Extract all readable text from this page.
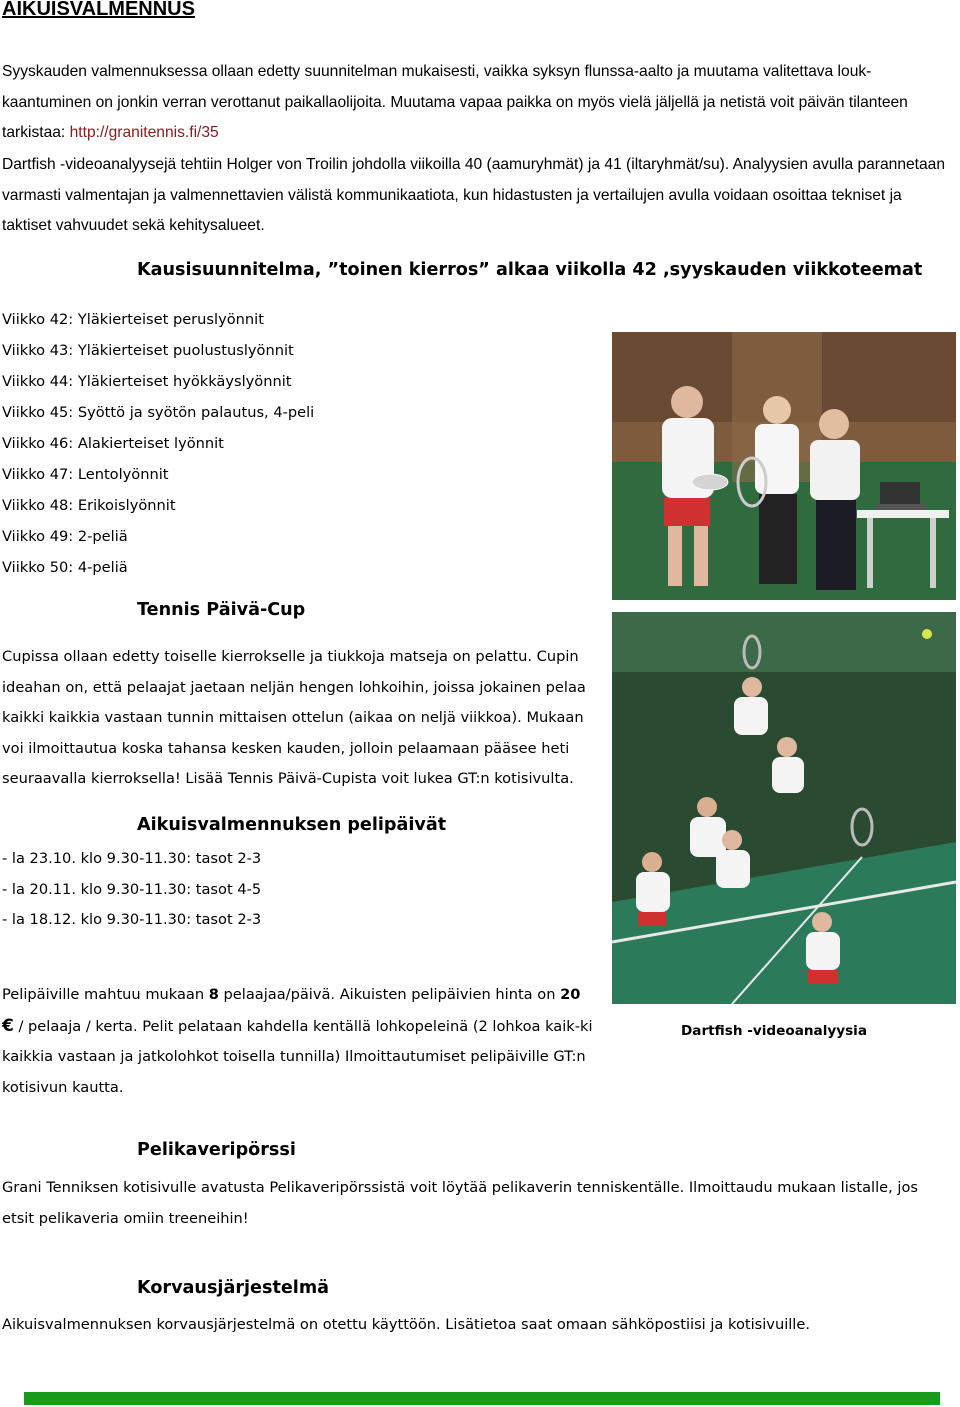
AIKUISVALMENNUS

Syyskauden valmennuksessa ollaan edetty suunnitelman mukaisesti, vaikka syksyn flunssa-aalto ja muutama valitettava louk-kaantuminen on jonkin verran verottanut paikallaolijoita. Muutama vapaa paikka on myös vielä jäljellä ja netistä voit päivän tilanteen tarkistaa: http://granitennis.fi/35

Dartfish -videoanalyysejä tehtiin Holger von Troilin johdolla viikoilla 40 (aamuryhmät) ja 41 (iltaryhmät/su). Analyysien avulla parannetaan varmasti valmentajan ja valmennettavien välistä kommunikaatiota, kun hidastusten ja vertailujen avulla voidaan osoittaa tekniset ja taktiset vahvuudet sekä kehitysalueet.

Kausisuunnitelma, ”toinen kierros” alkaa viikolla 42 ,syyskauden viikkoteemat
Viikko 42: Yläkierteiset peruslyönnit
Viikko 43: Yläkierteiset puolustuslyönnit
Viikko 44: Yläkierteiset hyökkäyslyönnit
Viikko 45: Syöttö ja syötön palautus, 4-peli
Viikko 46: Alakierteiset lyönnit
Viikko 47: Lentolyönnit
Viikko 48: Erikoislyönnit
Viikko 49: 2-peliä
Viikko 50: 4-peliä
Tennis Päivä-Cup

Cupissa ollaan edetty toiselle kierrokselle ja tiukkoja matseja on pelattu. Cupin ideahan on, että pelaajat jaetaan neljän hengen lohkoihin, joissa jokainen pelaa kaikki kaikkia vastaan tunnin mittaisen ottelun (aikaa on neljä viikkoa). Mukaan voi ilmoittautua koska tahansa kesken kauden, jolloin pelaamaan pääsee heti seuraavalla kierroksella! Lisää Tennis Päivä-Cupista voit lukea GT:n kotisivulta.

Dartfish -videoanalyysia
Aikuisvalmennuksen pelipäivät
- la 23.10. klo 9.30-11.30: tasot 2-3
- la 20.11. klo 9.30-11.30: tasot 4-5
- la 18.12. klo 9.30-11.30: tasot 2-3

Pelipäiville mahtuu mukaan 8 pelaajaa/päivä. Aikuisten pelipäivien hinta on 20
€ / pelaaja / kerta. Pelit pelataan kahdella kentällä lohkopeleinä (2 lohkoa kaik-ki kaikkia vastaan ja jatkolohkot toisella tunnilla) Ilmoittautumiset pelipäiville GT:n kotisivun kautta.

Pelikaveripörssi

Grani Tenniksen kotisivulle avatusta Pelikaveripörssistä voit löytää pelikaverin tenniskentälle. Ilmoittaudu mukaan listalle, jos etsit pelikaveria omiin treeneihin!

Korvausjärjestelmä

Aikuisvalmennuksen korvausjärjestelmä on otettu käyttöön. Lisätietoa saat omaan sähköpostiisi ja kotisivuille.
